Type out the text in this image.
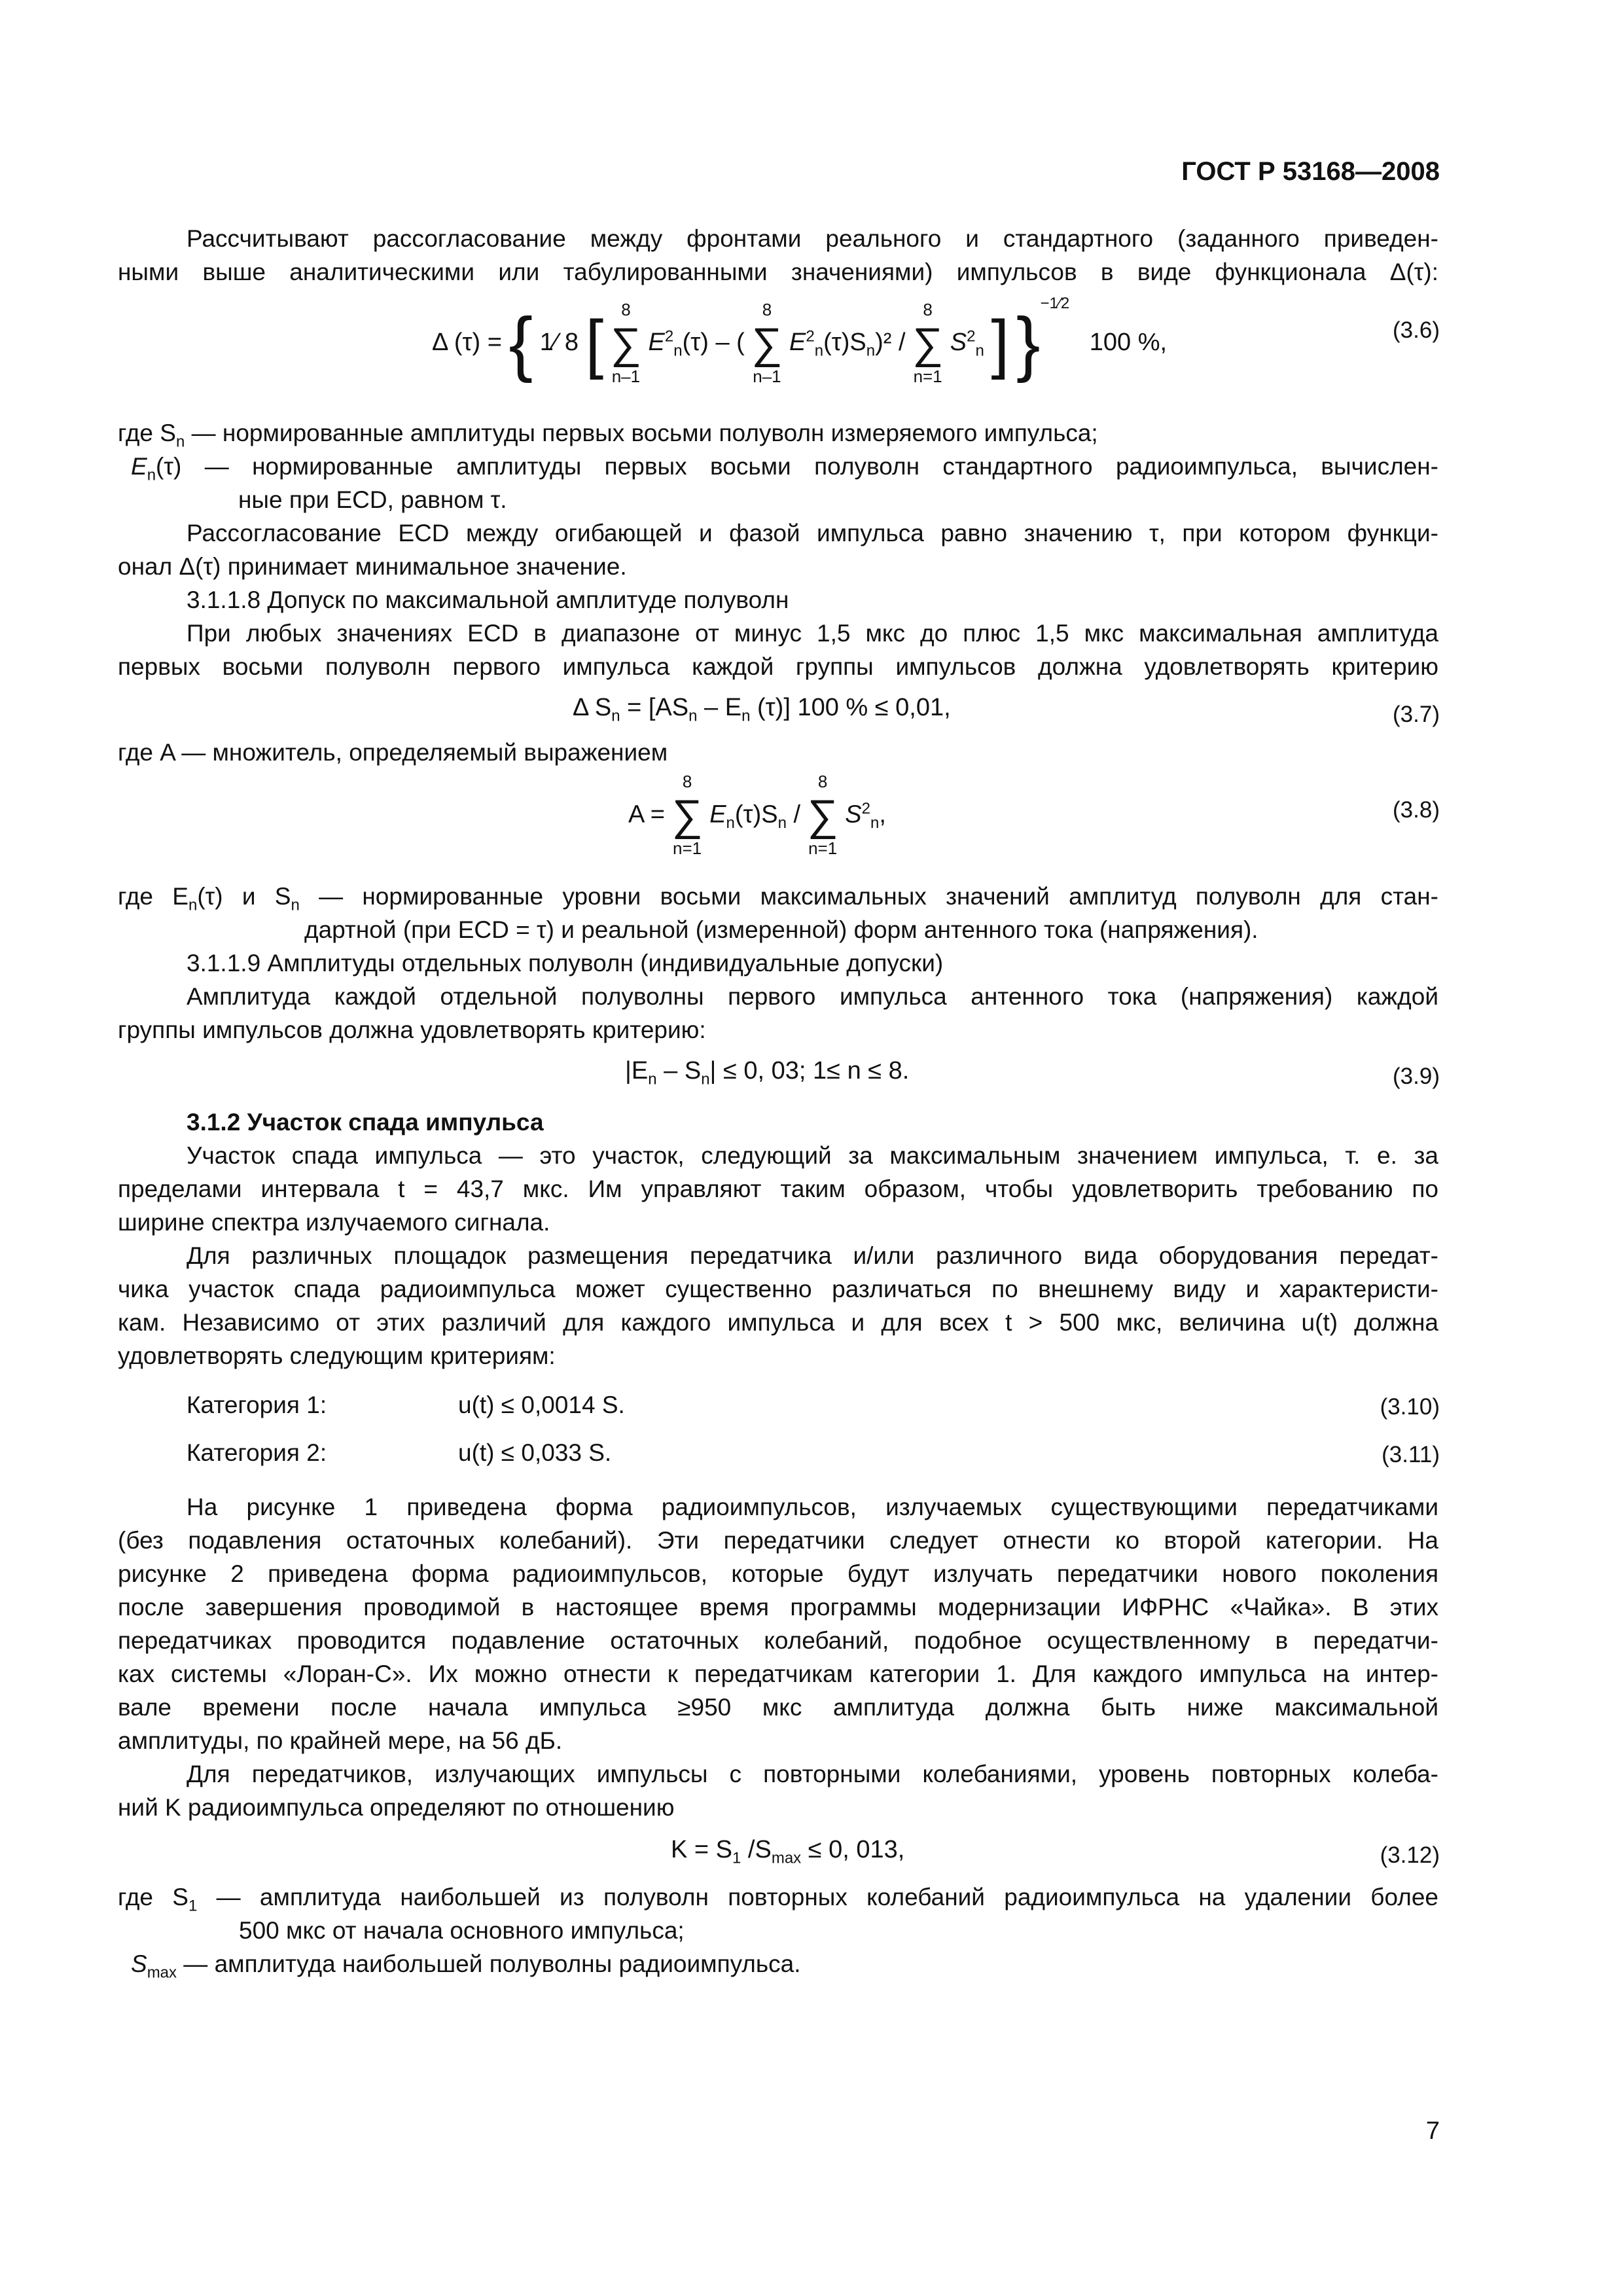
ГОСТ Р 53168—2008
Рассчитывают рассогласование между фронтами реального и стандартного (заданного приведен-
ными выше аналитическими или табулированными значениями) импульсов в виде функционала Δ(τ):
Δ (τ) = { 1⁄ 8 [	8
∑
n–1
$E^2_n(\tau)$ – (
8
∑
n–1
$E^2_n(\tau)S_n)^2$ /
8
∑
n=1
$S^2_n$ ] }$^{-1⁄2}$ 100 %,	(3.6)
где $S_n$ — нормированные амплитуды первых восьми полуволн измеряемого импульса;
$E_n(\tau)$ — нормированные амплитуды первых восьми полуволн стандартного радиоимпульса, вычислен-
ные при ECD, равном τ.
Рассогласование ECD между огибающей и фазой импульса равно значению τ, при котором функци-
онал Δ(τ) принимает минимальное значение.
3.1.1.8 Допуск по максимальной амплитуде полуволн
При любых значениях ECD в диапазоне от минус 1,5 мкс до плюс 1,5 мкс максимальная амплитуда
первых восьми полуволн первого импульса каждой группы импульсов должна удовлетворять критерию
Δ $S_n = [AS_n - E_n$ (τ)] 100 % ≤ 0,01,	(3.7)
где A — множитель, определяемый выражением
A =
8
∑
n=1
$E_n(\tau)S_n$ /
8
∑
n=1
$S^2_n$,	(3.8)
где $E_n(\tau)$ и $S_n$ — нормированные уровни восьми максимальных значений амплитуд полуволн для стан-
дартной (при ECD = τ) и реальной (измеренной) форм антенного тока (напряжения).
3.1.1.9 Амплитуды отдельных полуволн (индивидуальные допуски)
Амплитуда каждой отдельной полуволны первого импульса антенного тока (напряжения) каждой
группы импульсов должна удовлетворять критерию:
$|E_n - S_n| \le 0$, 03; 1≤ n ≤ 8.	(3.9)
3.1.2 Участок спада импульса
Участок спада импульса — это участок, следующий за максимальным значением импульса, т. е. за
пределами интервала t = 43,7 мкс. Им управляют таким образом, чтобы удовлетворить требованию по
ширине спектра излучаемого сигнала.
Для различных площадок размещения передатчика и/или различного вида оборудования передат-
чика участок спада радиоимпульса может существенно различаться по внешнему виду и характеристи-
кам. Независимо от этих различий для каждого импульса и для всех t > 500 мкс, величина u(t) должна
удовлетворять следующим критериям:
Категория 1:	u(t) ≤ 0,0014 S.	(3.10)
Категория 2:	u(t) ≤ 0,033 S.	(3.11)
На рисунке 1 приведена форма радиоимпульсов, излучаемых существующими передатчиками
(без подавления остаточных колебаний). Эти передатчики следует отнести ко второй категории. На
рисунке 2 приведена форма радиоимпульсов, которые будут излучать передатчики нового поколения
после завершения проводимой в настоящее время программы модернизации ИФРНС «Чайка». В этих
передатчиках проводится подавление остаточных колебаний, подобное осуществленному в передатчи-
ках системы «Лоран-С». Их можно отнести к передатчикам категории 1. Для каждого импульса на интер-
вале времени после начала импульса ≥950 мкс амплитуда должна быть ниже максимальной
амплитуды, по крайней мере, на 56 дБ.
Для передатчиков, излучающих импульсы с повторными колебаниями, уровень повторных колеба-
ний K радиоимпульса определяют по отношению
$K = S_1$ $/S_{max} \le 0$, 013,	(3.12)
где $S_1$ — амплитуда наибольшей из полуволн повторных колебаний радиоимпульса на удалении более
500 мкс от начала основного импульса;
$S_{max}$ — амплитуда наибольшей полуволны радиоимпульса.
7
